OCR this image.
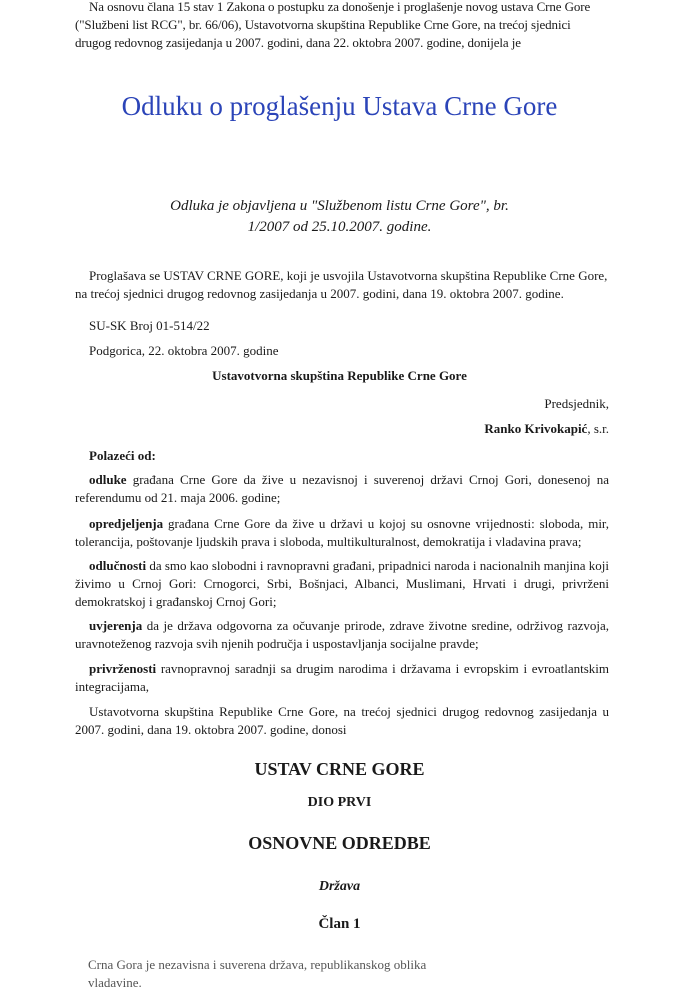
Na osnovu člana 15 stav 1 Zakona o postupku za donošenje i proglašenje novog ustava Crne Gore
("Službeni list RCG", br. 66/06), Ustavotvorna skupština Republike Crne Gore, na trećoj sjednici
drugog redovnog zasijedanja u 2007. godini, dana 22. oktobra 2007. godine, donijela je
Odluku o proglašenju Ustava Crne Gore
Odluka je objavljena u "Službenom listu Crne Gore", br.
1/2007 od 25.10.2007. godine.
Proglašava se USTAV CRNE GORE, koji je usvojila Ustavotvorna skupština Republike Crne Gore,
na trećoj sjednici drugog redovnog zasijedanja u 2007. godini, dana 19. oktobra 2007. godine.
SU-SK Broj 01-514/22
Podgorica, 22. oktobra 2007. godine
Ustavotvorna skupština Republike Crne Gore
Predsjednik,
Ranko Krivokapić, s.r.
Polazeći od:
odluke građana Crne Gore da žive u nezavisnoj i suverenoj državi Crnoj Gori, donesenoj na referendumu od 21. maja 2006. godine;
opredjeljenja građana Crne Gore da žive u državi u kojoj su osnovne vrijednosti: sloboda, mir, tolerancija, poštovanje ljudskih prava i sloboda, multikulturalnost, demokratija i vladavina prava;
odlučnosti da smo kao slobodni i ravnopravni građani, pripadnici naroda i nacionalnih manjina koji živimo u Crnoj Gori: Crnogorci, Srbi, Bošnjaci, Albanci, Muslimani, Hrvati i drugi, privrženi demokratskoj i građanskoj Crnoj Gori;
uvjerenja da je država odgovorna za očuvanje prirode, zdrave životne sredine, održivog razvoja, uravnoteženog razvoja svih njenih područja i uspostavljanja socijalne pravde;
privrženosti ravnopravnoj saradnji sa drugim narodima i državama i evropskim i evroatlantskim integracijama,
Ustavotvorna skupština Republike Crne Gore, na trećoj sjednici drugog redovnog zasijedanja u 2007. godini, dana 19. oktobra 2007. godine, donosi
USTAV CRNE GORE
DIO PRVI
OSNOVNE ODREDBE
Država
Član 1
Crna Gora je nezavisna i suverena država, republikanskog oblika vladavine.
